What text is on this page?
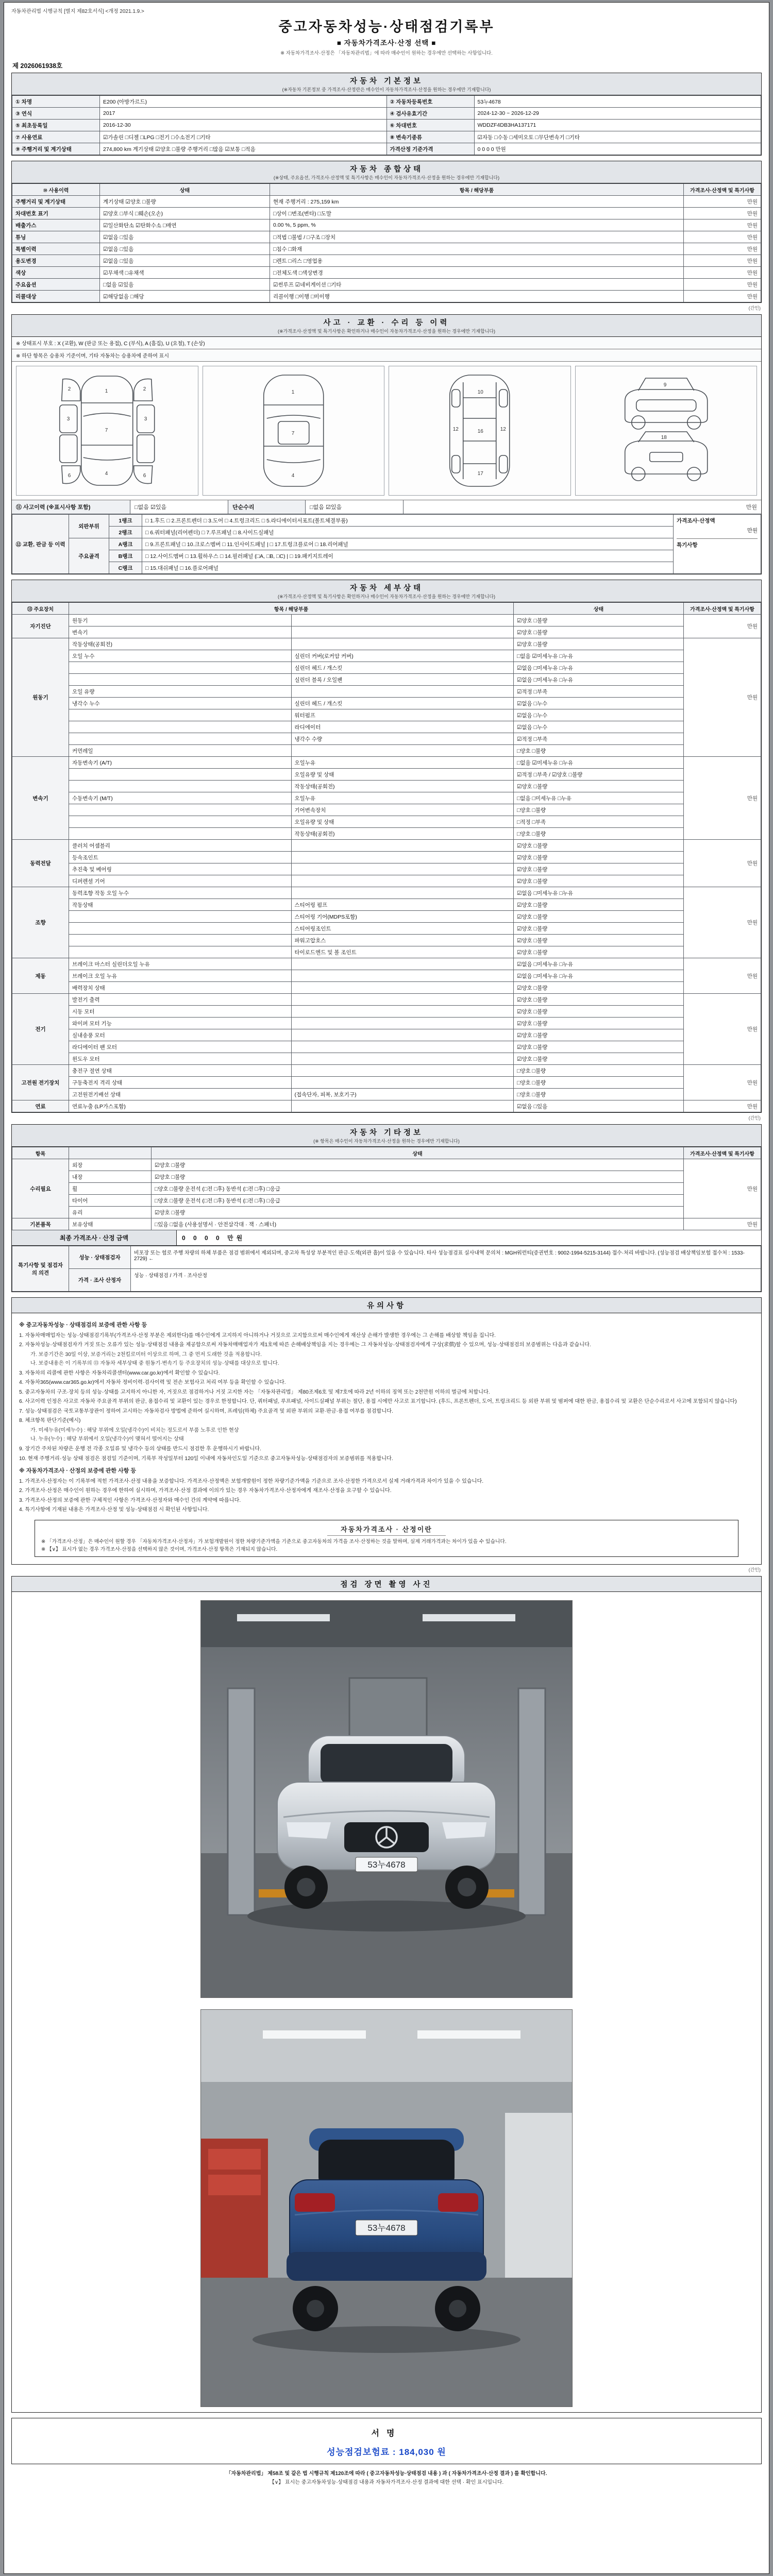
자동차관리법 시행규칙 [별지 제82호서식] <개정 2021.1.9.>
중고자동차성능·상태점검기록부
■ 자동차가격조사·산정 선택 ■
※ 자동차가격조사·산정은 「자동차관리법」에 따라 매수인이 원하는 경우에만 선택하는 사항입니다.
제 2026061938호
자동차 기본정보
(※자동차 기본정보 중 가격조사·산정란은 매수인이 자동차가격조사·산정을 원하는 경우에만 기재합니다)
① 차명	E200 (아방가르드)	② 자동차등록번호	53누4678
③ 연식	2017	④ 검사유효기간	2024-12-30 ~ 2026-12-29
⑤ 최초등록일	2016-12-30	⑥ 차대번호	WDDZF4DB3HA137171
⑦ 사용연료	☑가솔린 □디젤 □LPG □전기 □수소전기 □기타	⑧ 변속기종류	☑자동 □수동 □세미오토 □무단변속기 □기타
⑨ 주행거리 및 계기상태	274,800 km 계기상태 ☑양호 □불량 주행거리 □많음 ☑보통 □적음	가격산정 기준가격	0 0 0 0 만원
자동차 종합상태
(※상태, 주요옵션, 가격조사·산정액 및 특기사항은 매수인이 자동차가격조사·산정을 원하는 경우에만 기재합니다)
⑩ 사용이력	상태	항목 / 해당부품	가격조사·산정액 및 특기사항
주행거리 및 계기상태	계기상태 ☑양호 □불량	현재 주행거리 : 275,159 km	만원
차대번호 표기	☑양호 □부식 □훼손(오손)	□상이 □변조(변타) □도말	만원
배출가스	☑일산화탄소 ☑탄화수소 □매연	0.00 %, 5 ppm, %	만원
튜닝	☑없음 □있음	□적법 □불법 / □구조 □장치	만원
특별이력	☑없음 □있음	□침수 □화재	만원
용도변경	☑없음 □있음	□렌트 □리스 □영업용	만원
색상	☑무채색 □유채색	□전체도색 □색상변경	만원
주요옵션	□없음 ☑있음	☑썬루프 ☑네비게이션 □기타	만원
리콜대상	☑해당없음 □해당	리콜이행 □이행 □미이행	만원
(간인)
사고 · 교환 · 수리 등 이력
(※가격조사·산정액 및 특기사항은 확인하거나 매수인이 자동차가격조사·산정을 원하는 경우에만 기재합니다)
※ 상태표시 부호 : X (교환), W (판금 또는 용접), C (부식), A (흠집), U (요철), T (손상)
※ 하단 항목은 승용차 기준이며, 기타 자동차는 승용차에 준하여 표시
1
7
4
3	3
2	2
6	6
1
7
4
10
16
17
12	12
9
18
⑪ 사고이력 (※표시사항 포함)	□없음 ☑있음	단순수리	□없음 ☑있음	만원
⑫ 교환, 판금 등 이력	외판부위	1랭크	□ 1.후드 □ 2.프론트펜더 □ 3.도어 □ 4.트렁크리드 □ 5.라디에이터서포트(볼트체결부품)	가격조사·산정액
만원
특기사항

		2랭크	□ 6.쿼터패널(리어펜더) □ 7.루프패널 □ 8.사이드실패널	
	주요골격	A랭크	□ 9.프론트패널 □ 10.크로스멤버 □ 11.인사이드패널 | □ 17.트렁크플로어 □ 18.리어패널	
		B랭크	□ 12.사이드멤버 □ 13.휠하우스 □ 14.필러패널 (□A, □B, □C) | □ 19.패키지트레이	
		C랭크	□ 15.대쉬패널 □ 16.플로어패널	
자동차 세부상태
(※가격조사·산정액 및 특기사항은 확인하거나 매수인이 자동차가격조사·산정을 원하는 경우에만 기재합니다)
⑬ 주요장치	항목 / 해당부품		상태	가격조사·산정액 및 특기사항
자기진단	원동기		☑양호 □불량	만원
	변속기		☑양호 □불량	
원동기	작동상태(공회전)		☑양호 □불량	만원
	오일 누수	실린더 커버(로커암 커버)	□없음 ☑미세누유 □누유	
		실린더 헤드 / 개스킷	☑없음 □미세누유 □누유	
		실린더 블록 / 오일팬	☑없음 □미세누유 □누유	
	오일 유량		☑적정 □부족	
	냉각수 누수	실린더 헤드 / 개스킷	☑없음 □누수	
		워터펌프	☑없음 □누수	
		라디에이터	☑없음 □누수	
		냉각수 수량	☑적정 □부족	
	커먼레일		□양호 □불량	
변속기	자동변속기 (A/T)	오일누유	□없음 ☑미세누유 □누유	만원
		오일유량 및 상태	☑적정 □부족 / ☑양호 □불량	
		작동상태(공회전)	☑양호 □불량	
	수동변속기 (M/T)	오일누유	□없음 □미세누유 □누유	
		기어변속장치	□양호 □불량	
		오일유량 및 상태	□적정 □부족	
		작동상태(공회전)	□양호 □불량	
동력전달	클러치 어셈블리		☑양호 □불량	만원
	등속조인트		☑양호 □불량	
	추진축 및 베어링		☑양호 □불량	
	디퍼렌셜 기어		☑양호 □불량	
조향	동력조향 작동 오일 누수		☑없음 □미세누유 □누유	만원
	작동상태	스티어링 펌프	☑양호 □불량	
		스티어링 기어(MDPS포함)	☑양호 □불량	
		스티어링조인트	☑양호 □불량	
		파워고압호스	☑양호 □불량	
		타이로드엔드 및 볼 조인트	☑양호 □불량	
제동	브레이크 마스터 실린더오일 누유		☑없음 □미세누유 □누유	만원
	브레이크 오일 누유		☑없음 □미세누유 □누유	
	배력장치 상태		☑양호 □불량	
전기	발전기 출력		☑양호 □불량	만원
	시동 모터		☑양호 □불량	
	와이퍼 모터 기능		☑양호 □불량	
	실내송풍 모터		☑양호 □불량	
	라디에이터 팬 모터		☑양호 □불량	
	윈도우 모터		☑양호 □불량	
고전원 전기장치	충전구 절연 상태		□양호 □불량	만원
	구동축전지 격리 상태		□양호 □불량	
	고전원전기배선 상태	(접속단자, 피복, 보호기구)	□양호 □불량	
연료	연료누출 (LP가스포함)		☑없음 □있음	만원
(간인)
자동차 기타정보
(※ 항목은 매수인이 자동차가격조사·산정을 원하는 경우에만 기재합니다)
항목		상태	가격조사·산정액 및 특기사항
수리필요	외장	☑양호 □불량	만원
	내장	☑양호 □불량	
	휠	□양호 □불량 운전석 (□전 □후) 동반석 (□전 □후) □응급	
	타이어	□양호 □불량 운전석 (□전 □후) 동반석 (□전 □후) □응급	
	유리	☑양호 □불량	
기본품목	보유상태	□있음 □없음 (사용설명서 · 안전삼각대 · 잭 · 스패너)	만원
최종 가격조사 · 산정 금액	0 0 0 0 만원
특기사항 및 점검자의 의견	성능 · 상태점검자	비포장 또는 험로 주행 차량의 하체 부품은 점검 범위에서 제외되며, 중고차 특성상 부분적인 판금·도색(외관 흠)이 있을 수 있습니다. 타사 성능점검표 실사내역 문의처 : MGH워런티(증권번호 : 9002-1994-5215-3144) 접수·처리 바랍니다. (성능점검 배상책임보험 접수처 : 1533-2729) ←
	가격 · 조사 산정자	성능 · 상태점검 / 가격 · 조사산정
유의사항
※ 중고자동차성능 · 상태점검의 보증에 관한 사항 등
1. 자동차매매업자는 성능·상태점검기록부(가격조사·산정 부분은 제외한다)를 매수인에게 고지하지 아니하거나 거짓으로 고지함으로써 매수인에게 재산상 손해가 발생한 경우에는 그 손해를 배상할 책임을 집니다.
2. 자동차성능·상태점검자가 거짓 또는 오류가 있는 성능·상태점검 내용을 제공함으로써 자동차매매업자가 제1호에 따른 손해배상책임을 지는 경우에는 그 자동차성능·상태점검자에게 구상(求償)할 수 있으며, 성능·상태점검의 보증범위는 다음과 같습니다.
가. 보증기간은 30일 이상, 보증거리는 2천킬로미터 이상으로 하며, 그 중 먼저 도래한 것을 적용합니다.
나. 보증내용은 이 기록부의 ⑬ 자동차 세부상태 중 원동기·변속기 등 주요장치의 성능·상태를 대상으로 합니다.
3. 자동차의 리콜에 관한 사항은 자동차리콜센터(www.car.go.kr)에서 확인할 수 있습니다.
4. 자동차365(www.car365.go.kr)에서 자동차 정비이력·검사이력 및 전손 보험사고 처리 여부 등을 확인할 수 있습니다.
5. 중고자동차의 구조·장치 등의 성능·상태를 고지하지 아니한 자, 거짓으로 점검하거나 거짓 고지한 자는 「자동차관리법」 제80조제6호 및 제7호에 따라 2년 이하의 징역 또는 2천만원 이하의 벌금에 처합니다.
6. 사고이력 인정은 사고로 자동차 주요골격 부위의 판금, 용접수리 및 교환이 있는 경우로 한정합니다. 단, 쿼터패널, 루프패널, 사이드실패널 부위는 절단, 용접 시에만 사고로 표기합니다. (후드, 프론트펜더, 도어, 트렁크리드 등 외판 부위 및 범퍼에 대한 판금, 용접수리 및 교환은 단순수리로서 사고에 포함되지 않습니다)
7. 성능·상태점검은 국토교통부장관이 정하여 고시하는 자동차검사 방법에 준하여 실시하며, 프레임(하체) 주요골격 및 외판 부위의 교환·판금·용접 여부를 점검합니다.
8. 체크항목 판단기준(예시)
가. 미세누유(미세누수) : 해당 부위에 오일(냉각수)이 비치는 정도로서 부품 노후로 인한 현상
나. 누유(누수) : 해당 부위에서 오일(냉각수)이 맺혀서 떨어지는 상태
9. 장기간 주차된 차량은 운행 전 각종 오일류 및 냉각수 등의 상태를 반드시 점검한 후 운행하시기 바랍니다.
10. 현재 주행거리·성능 상태 점검은 점검일 기준이며, 기록부 작성일부터 120일 이내에 자동차인도일 기준으로 중고자동차성능·상태점검자의 보증범위를 적용합니다.
※ 자동차가격조사 · 산정의 보증에 관한 사항 등
1. 가격조사·산정자는 이 기록부에 적힌 가격조사·산정 내용을 보증합니다. 가격조사·산정액은 보험개발원이 정한 차량기준가액을 기준으로 조사·산정한 가격으로서 실제 거래가격과 차이가 있을 수 있습니다.
2. 가격조사·산정은 매수인이 원하는 경우에 한하여 실시하며, 가격조사·산정 결과에 이의가 있는 경우 자동차가격조사·산정자에게 재조사·산정을 요구할 수 있습니다.
3. 가격조사·산정의 보증에 관한 구체적인 사항은 가격조사·산정자와 매수인 간의 계약에 따릅니다.
4. 특기사항에 기재된 내용은 가격조사·산정 및 성능·상태점검 시 확인된 사항입니다.
자동차가격조사 · 산정이란
※ 「가격조사·산정」은 매수인이 원할 경우 「자동차가격조사·산정자」가 보험개발원이 정한 차량기준가액을 기준으로 중고자동차의 가격을 조사·산정하는 것을 말하며, 실제 거래가격과는 차이가 있을 수 있습니다.
※ 【∨】 표시가 없는 경우 가격조사·산정을 선택하지 않은 것이며, 가격조사·산정 항목은 기재되지 않습니다.
(간인)
점검 장면 촬영 사진
53누4678
53누4678
서명
성능점검보험료 : 184,030 원
「자동차관리법」 제58조 및 같은 법 시행규칙 제120조에 따라 ( 중고자동차성능·상태점검 내용 ) 과 ( 자동차가격조사·산정 결과 ) 를 확인합니다.
【∨】 표시는 중고자동차성능·상태점검 내용과 자동차가격조사·산정 결과에 대한 선택 · 확인 표시입니다.
